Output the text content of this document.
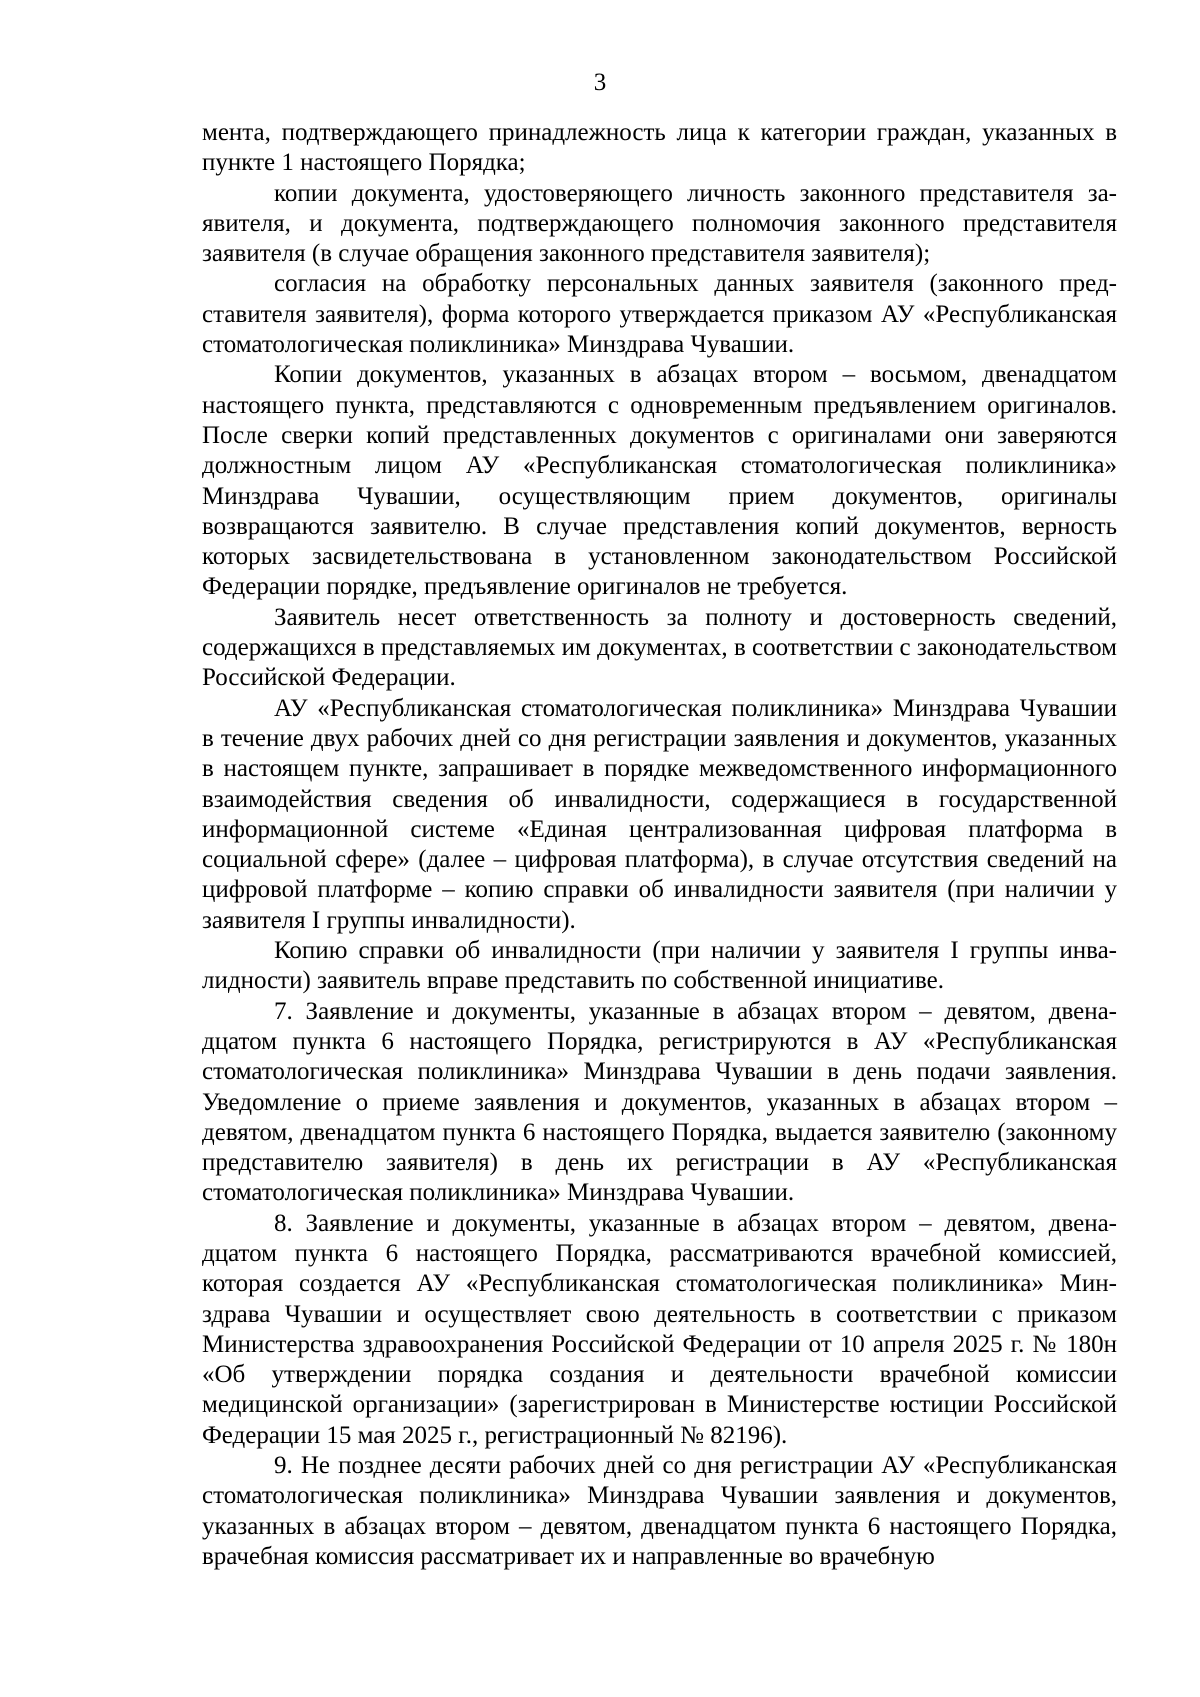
3

мента, подтверждающего принадлежность лица к категории граждан, указанных в пункте 1 настоящего Порядка;

копии документа, удостоверяющего личность законного представителя заявителя, и документа, подтверждающего полномочия законного представителя заявителя (в случае обращения законного представителя заявителя);

согласия на обработку персональных данных заявителя (законного представителя заявителя), форма которого утверждается приказом АУ «Республиканская стоматологическая поликлиника» Минздрава Чувашии.

Копии документов, указанных в абзацах втором – восьмом, двенадцатом настоящего пункта, представляются с одновременным предъявлением оригиналов. После сверки копий представленных документов с оригиналами они заверяются должностным лицом АУ «Республиканская стоматологическая поликлиника» Минздрава Чувашии, осуществляющим прием документов, оригиналы возвращаются заявителю. В случае представления копий документов, верность которых засвидетельствована в установленном законодательством Российской Федерации порядке, предъявление оригиналов не требуется.

Заявитель несет ответственность за полноту и достоверность сведений, содержащихся в представляемых им документах, в соответствии с законодательством Российской Федерации.

АУ «Республиканская стоматологическая поликлиника» Минздрава Чувашии в течение двух рабочих дней со дня регистрации заявления и документов, указанных в настоящем пункте, запрашивает в порядке межведомственного информационного взаимодействия сведения об инвалидности, содержащиеся в государственной информационной системе «Единая централизованная цифровая платформа в социальной сфере» (далее – цифровая платформа), в случае отсутствия сведений на цифровой платформе – копию справки об инвалидности заявителя (при наличии у заявителя I группы инвалидности).

Копию справки об инвалидности (при наличии у заявителя I группы инвалидности) заявитель вправе представить по собственной инициативе.

7. Заявление и документы, указанные в абзацах втором – девятом, двенадцатом пункта 6 настоящего Порядка, регистрируются в АУ «Республиканская стоматологическая поликлиника» Минздрава Чувашии в день подачи заявления. Уведомление о приеме заявления и документов, указанных в абзацах втором – девятом, двенадцатом пункта 6 настоящего Порядка, выдается заявителю (законному представителю заявителя) в день их регистрации в АУ «Республиканская стоматологическая поликлиника» Минздрава Чувашии.

8. Заявление и документы, указанные в абзацах втором – девятом, двенадцатом пункта 6 настоящего Порядка, рассматриваются врачебной комиссией, которая создается АУ «Республиканская стоматологическая поликлиника» Минздрава Чувашии и осуществляет свою деятельность в соответствии с приказом Министерства здравоохранения Российской Федерации от 10 апреля 2025 г. № 180н «Об утверждении порядка создания и деятельности врачебной комиссии медицинской организации» (зарегистрирован в Министерстве юстиции Российской Федерации 15 мая 2025 г., регистрационный № 82196).

9. Не позднее десяти рабочих дней со дня регистрации АУ «Республиканская стоматологическая поликлиника» Минздрава Чувашии заявления и документов, указанных в абзацах втором – девятом, двенадцатом пункта 6 настоящего Порядка, врачебная комиссия рассматривает их и направленные во врачебную
